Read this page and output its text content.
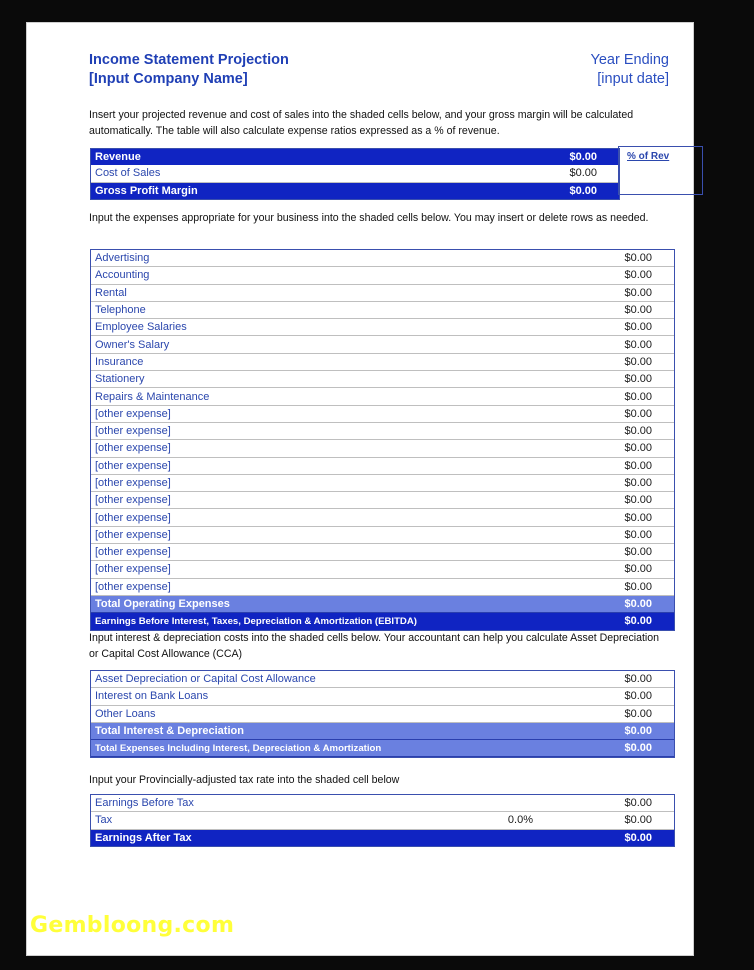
Income Statement Projection
[Input Company Name]
Year Ending
[input date]
Insert your projected revenue and cost of sales into the shaded cells below, and your gross margin will be calculated automatically. The table will also calculate expense ratios expressed as a % of revenue.
Revenue	$0.00
Cost of Sales	$0.00
Gross Profit Margin	$0.00
% of Rev
Input the expenses appropriate for your business into the shaded cells below. You may insert or delete rows as needed.
Advertising	$0.00
Accounting	$0.00
Rental	$0.00
Telephone	$0.00
Employee Salaries	$0.00
Owner's Salary	$0.00
Insurance	$0.00
Stationery	$0.00
Repairs & Maintenance	$0.00
[other expense]	$0.00
[other expense]	$0.00
[other expense]	$0.00
[other expense]	$0.00
[other expense]	$0.00
[other expense]	$0.00
[other expense]	$0.00
[other expense]	$0.00
[other expense]	$0.00
[other expense]	$0.00
[other expense]	$0.00
Total Operating Expenses	$0.00
Earnings Before Interest, Taxes, Depreciation & Amortization (EBITDA)	$0.00
Input interest & depreciation costs into the shaded cells below. Your accountant can help you calculate Asset Depreciation or Capital Cost Allowance (CCA)
Asset Depreciation or Capital Cost Allowance	$0.00
Interest on Bank Loans	$0.00
Other Loans	$0.00
Total Interest & Depreciation	$0.00
Total Expenses Including Interest, Depreciation & Amortization	$0.00
Input your Provincially-adjusted tax rate into the shaded cell below
Earnings Before Tax		$0.00
Tax	0.0%	$0.00
Earnings After Tax		$0.00
Gembloong.com
